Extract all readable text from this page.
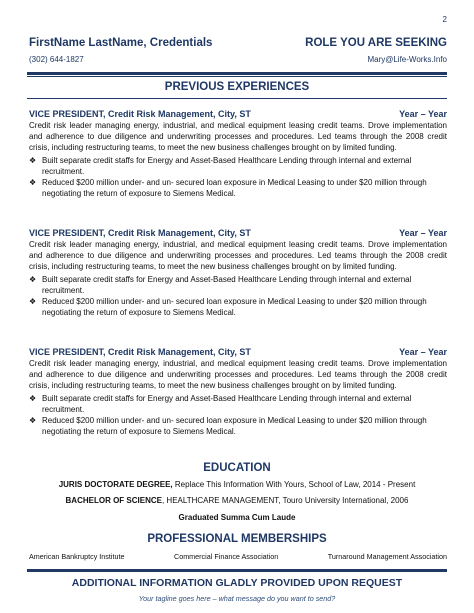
2
FirstName LastName, Credentials	ROLE YOU ARE SEEKING
(302) 644-1827	Mary@Life-Works.Info
PREVIOUS EXPERIENCES
VICE PRESIDENT, Credit Risk Management, City, ST	Year – Year
Credit risk leader managing energy, industrial, and medical equipment leasing credit teams. Drove implementation and adherence to due diligence and underwriting processes and procedures. Led teams through the 2008 credit crisis, including restructuring teams, to meet the new business challenges brought on by limited funding.
❖ Built separate credit staffs for Energy and Asset-Based Healthcare Lending through internal and external recruitment.
❖ Reduced $200 million under- and un- secured loan exposure in Medical Leasing to under $20 million through negotiating the return of exposure to Siemens Medical.
VICE PRESIDENT, Credit Risk Management, City, ST	Year – Year
Credit risk leader managing energy, industrial, and medical equipment leasing credit teams. Drove implementation and adherence to due diligence and underwriting processes and procedures. Led teams through the 2008 credit crisis, including restructuring teams, to meet the new business challenges brought on by limited funding.
❖ Built separate credit staffs for Energy and Asset-Based Healthcare Lending through internal and external recruitment.
❖ Reduced $200 million under- and un- secured loan exposure in Medical Leasing to under $20 million through negotiating the return of exposure to Siemens Medical.
VICE PRESIDENT, Credit Risk Management, City, ST	Year – Year
Credit risk leader managing energy, industrial, and medical equipment leasing credit teams. Drove implementation and adherence to due diligence and underwriting processes and procedures. Led teams through the 2008 credit crisis, including restructuring teams, to meet the new business challenges brought on by limited funding.
❖ Built separate credit staffs for Energy and Asset-Based Healthcare Lending through internal and external recruitment.
❖ Reduced $200 million under- and un- secured loan exposure in Medical Leasing to under $20 million through negotiating the return of exposure to Siemens Medical.
EDUCATION
JURIS DOCTORATE DEGREE, Replace This Information With Yours, School of Law, 2014 - Present
BACHELOR OF SCIENCE, HEALTHCARE MANAGEMENT, Touro University International, 2006
Graduated Summa Cum Laude
PROFESSIONAL MEMBERSHIPS
American Bankruptcy Institute	Commercial Finance Association	Turnaround Management Association
ADDITIONAL INFORMATION GLADLY PROVIDED UPON REQUEST
Your tagline goes here – what message do you want to send?
